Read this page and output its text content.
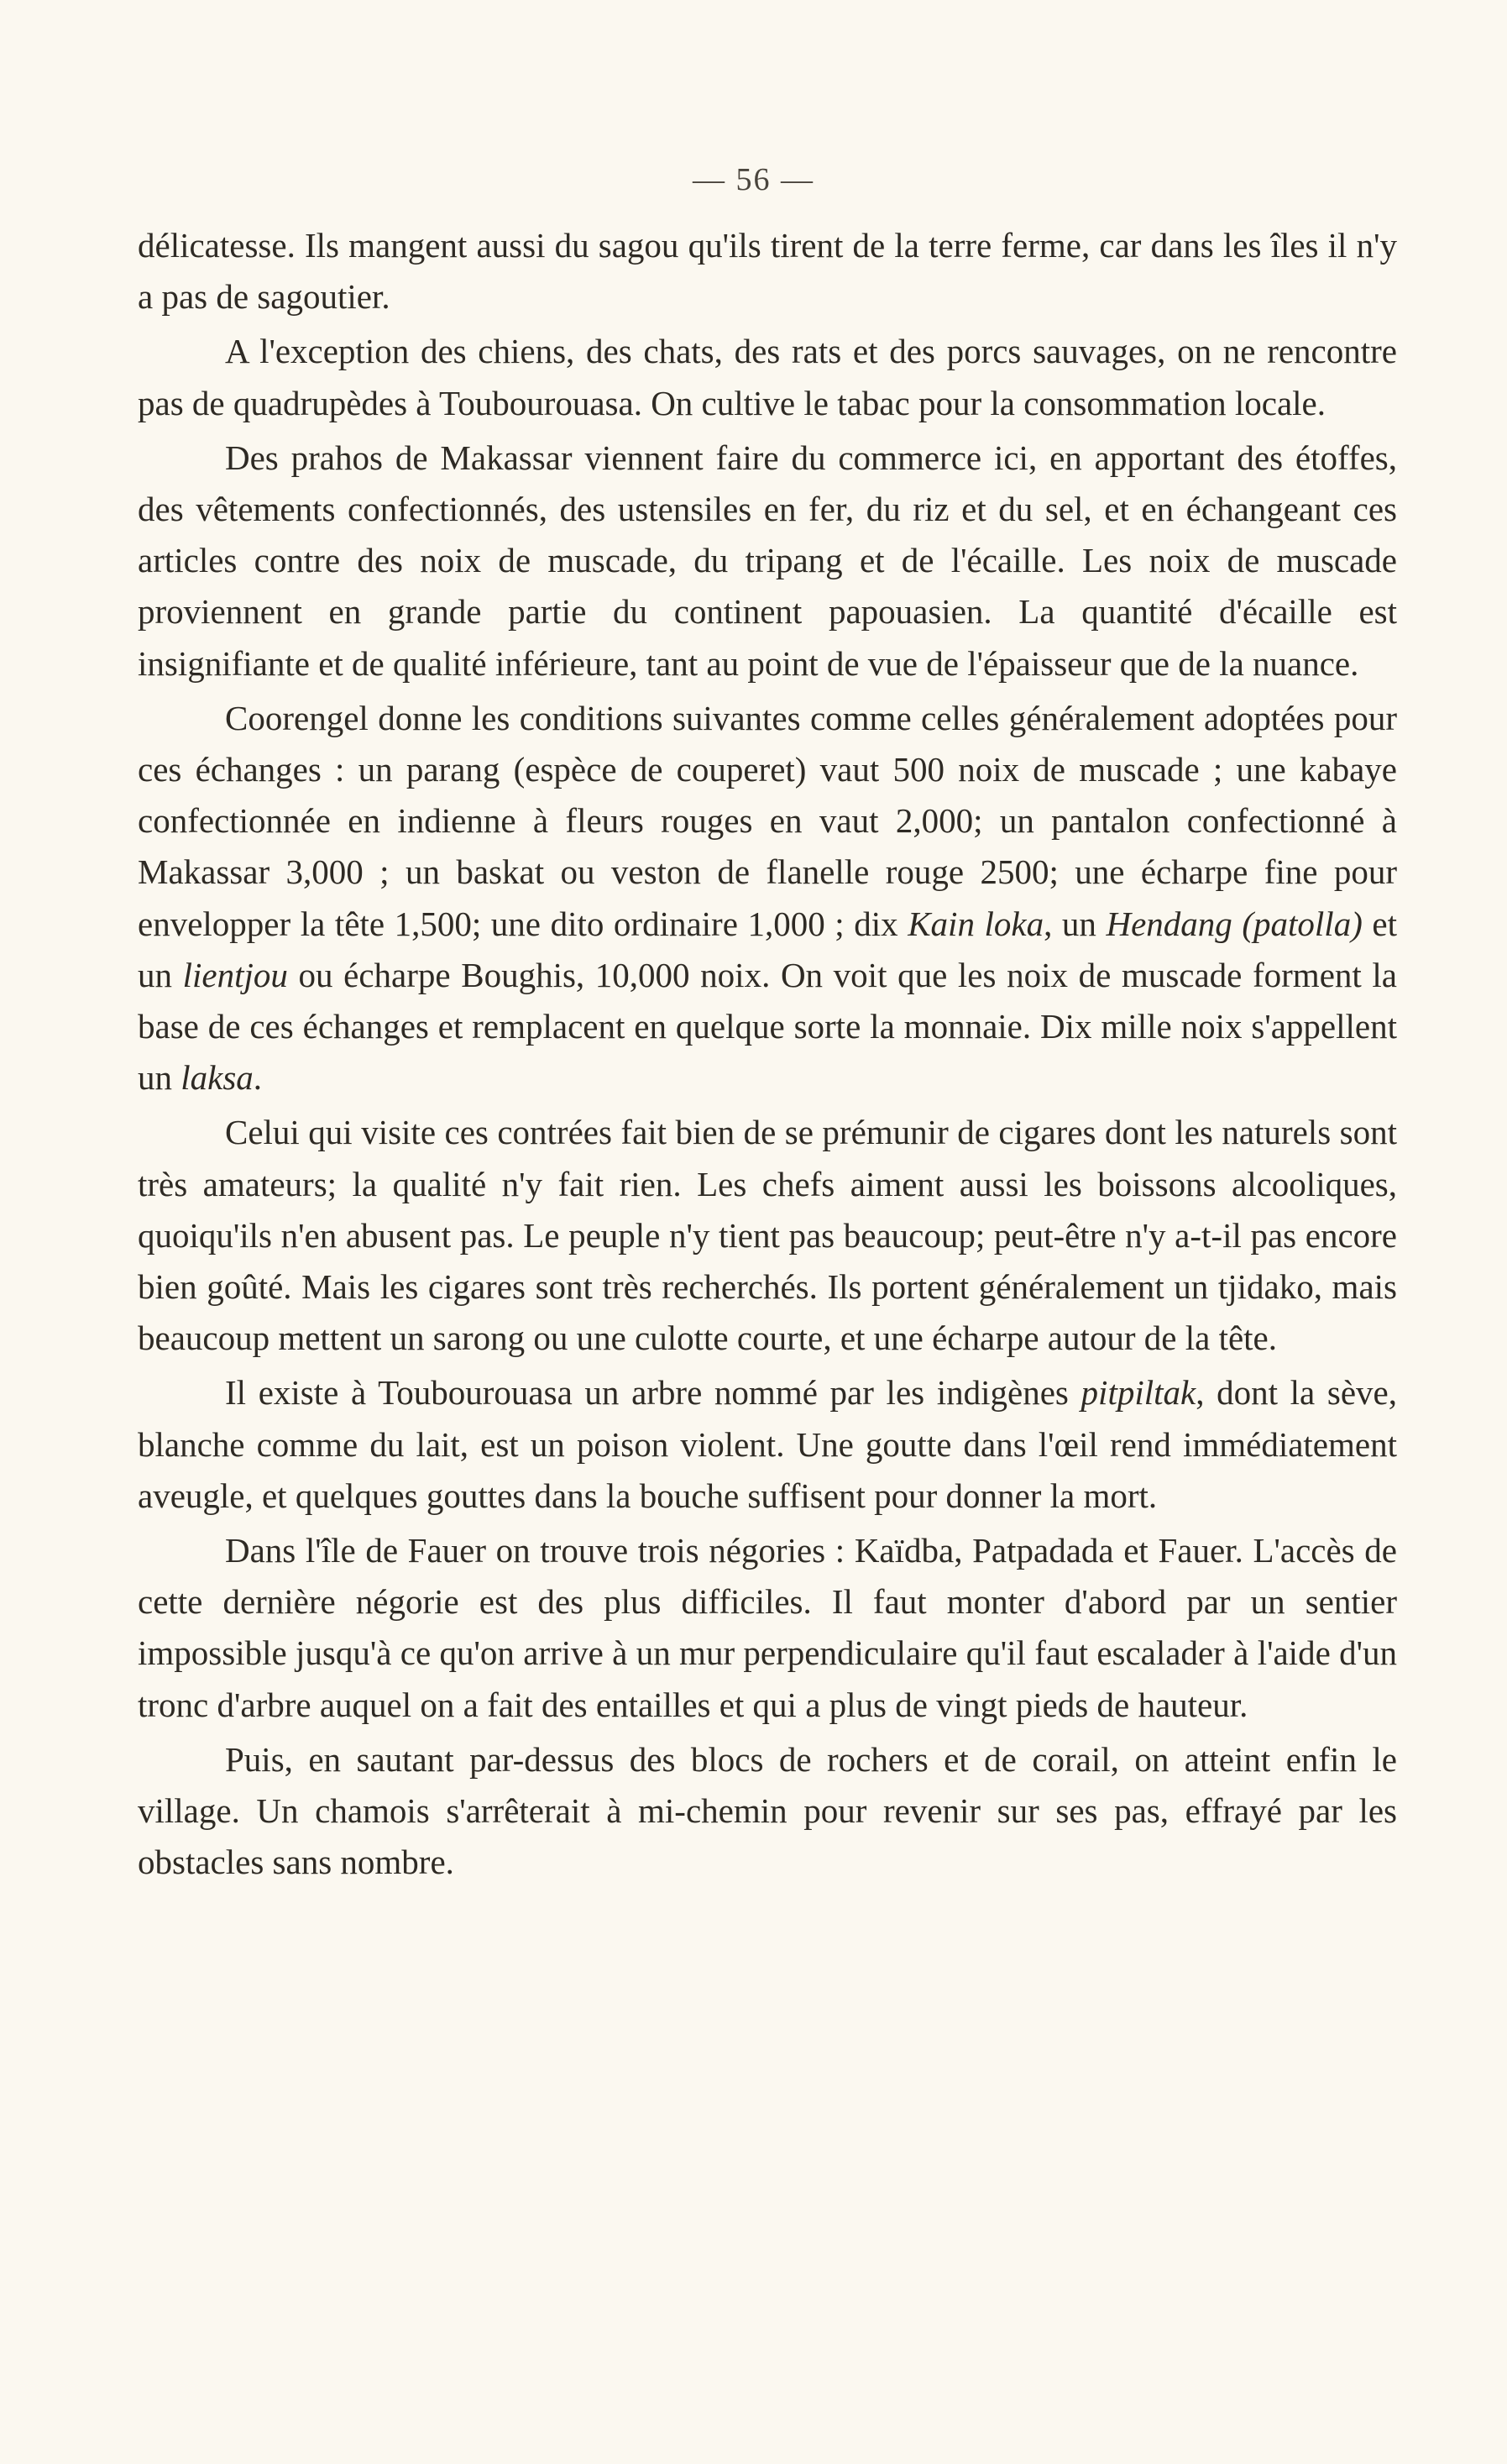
— 56 —

délicatesse. Ils mangent aussi du sagou qu'ils tirent de la terre ferme, car dans les îles il n'y a pas de sagoutier.

A l'exception des chiens, des chats, des rats et des porcs sauvages, on ne rencontre pas de quadrupèdes à Toubourouasa. On cultive le tabac pour la consommation locale.

Des prahos de Makassar viennent faire du commerce ici, en apportant des étoffes, des vêtements confectionnés, des ustensiles en fer, du riz et du sel, et en échangeant ces articles contre des noix de muscade, du tripang et de l'écaille. Les noix de muscade proviennent en grande partie du continent papouasien. La quantité d'écaille est insignifiante et de qualité inférieure, tant au point de vue de l'épaisseur que de la nuance.

Coorengel donne les conditions suivantes comme celles généralement adoptées pour ces échanges : un parang (espèce de couperet) vaut 500 noix de muscade ; une kabaye confectionnée en indienne à fleurs rouges en vaut 2,000; un pantalon confectionné à Makassar 3,000 ; un baskat ou veston de flanelle rouge 2500; une écharpe fine pour envelopper la tête 1,500; une dito ordinaire 1,000 ; dix Kain loka, un Hendang (patolla) et un lientjou ou écharpe Boughis, 10,000 noix. On voit que les noix de muscade forment la base de ces échanges et remplacent en quelque sorte la monnaie. Dix mille noix s'appellent un laksa.

Celui qui visite ces contrées fait bien de se prémunir de cigares dont les naturels sont très amateurs; la qualité n'y fait rien. Les chefs aiment aussi les boissons alcooliques, quoiqu'ils n'en abusent pas. Le peuple n'y tient pas beaucoup; peut-être n'y a-t-il pas encore bien goûté. Mais les cigares sont très recherchés. Ils portent généralement un tjidako, mais beaucoup mettent un sarong ou une culotte courte, et une écharpe autour de la tête.

Il existe à Toubourouasa un arbre nommé par les indigènes pitpiltak, dont la sève, blanche comme du lait, est un poison violent. Une goutte dans l'œil rend immédiatement aveugle, et quelques gouttes dans la bouche suffisent pour donner la mort.

Dans l'île de Fauer on trouve trois négories : Kaïdba, Patpadada et Fauer. L'accès de cette dernière négorie est des plus difficiles. Il faut monter d'abord par un sentier impossible jusqu'à ce qu'on arrive à un mur perpendiculaire qu'il faut escalader à l'aide d'un tronc d'arbre auquel on a fait des entailles et qui a plus de vingt pieds de hauteur.

Puis, en sautant par-dessus des blocs de rochers et de corail, on atteint enfin le village. Un chamois s'arrêterait à mi-chemin pour revenir sur ses pas, effrayé par les obstacles sans nombre.
